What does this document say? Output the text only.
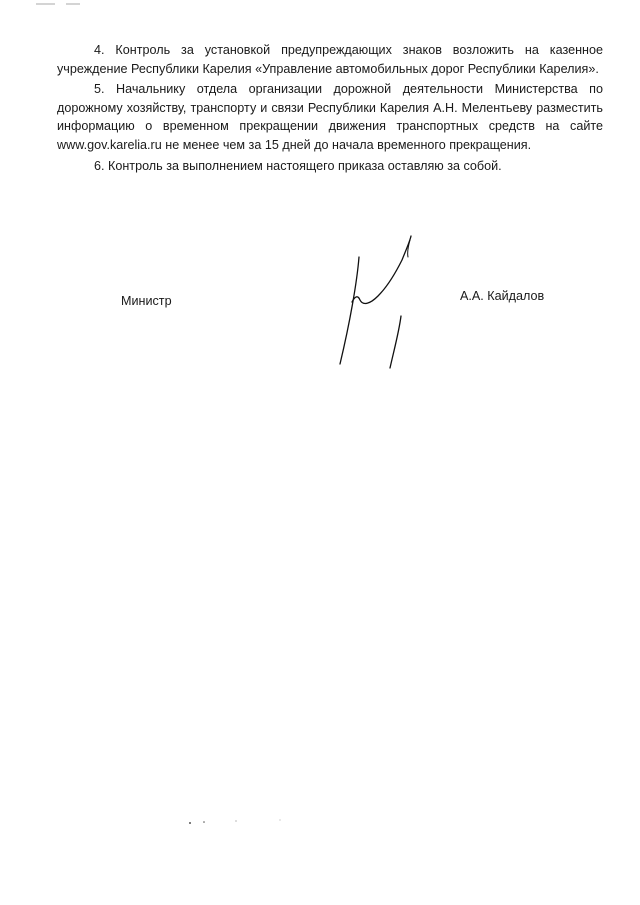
4. Контроль за установкой предупреждающих знаков возложить на казенное учреждение Республики Карелия «Управление автомобильных дорог Республики Карелия».

5. Начальнику отдела организации дорожной деятельности Министерства по дорожному хозяйству, транспорту и связи Республики Карелия А.Н. Мелентьеву разместить информацию о временном прекращении движения транспортных средств на сайте www.gov.karelia.ru не менее чем за 15 дней до начала временного прекращения.

6. Контроль за выполнением настоящего приказа оставляю за собой.

Министр	А.А. Кайдалов
